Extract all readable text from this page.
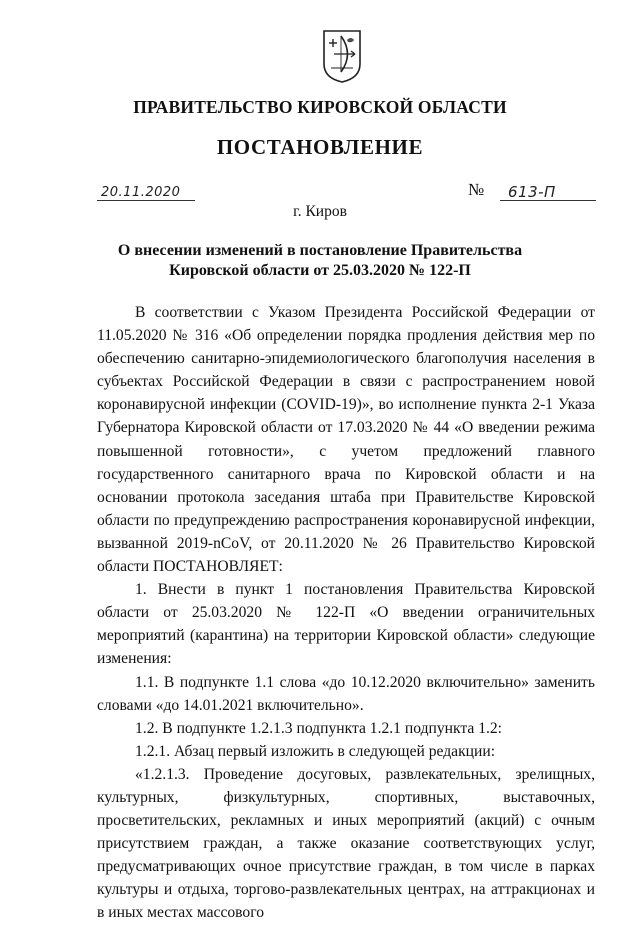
ПРАВИТЕЛЬСТВО КИРОВСКОЙ ОБЛАСТИ
ПОСТАНОВЛЕНИЕ
20.11.2020	№ 613-П
г. Киров
О внесении изменений в постановление Правительства
Кировской области от 25.03.2020 № 122-П

В соответствии с Указом Президента Российской Федерации от 11.05.2020 № 316 «Об определении порядка продления действия мер по обеспечению санитарно-эпидемиологического благополучия населения в субъектах Российской Федерации в связи с распространением новой коронавирусной инфекции (COVID-19)», во исполнение пункта 2-1 Указа Губернатора Кировской области от 17.03.2020 № 44 «О введении режима повышенной готовности», с учетом предложений главного государственного санитарного врача по Кировской области и на основании протокола заседания штаба при Правительстве Кировской области по предупреждению распространения коронавирусной инфекции, вызванной 2019-nCoV, от 20.11.2020 № 26 Правительство Кировской области ПОСТАНОВЛЯЕТ:

1. Внести в пункт 1 постановления Правительства Кировской области от 25.03.2020 № 122-П «О введении ограничительных мероприятий (карантина) на территории Кировской области» следующие изменения:

1.1. В подпункте 1.1 слова «до 10.12.2020 включительно» заменить словами «до 14.01.2021 включительно».

1.2. В подпункте 1.2.1.3 подпункта 1.2.1 подпункта 1.2:

1.2.1. Абзац первый изложить в следующей редакции:

«1.2.1.3. Проведение досуговых, развлекательных, зрелищных, культурных, физкультурных, спортивных, выставочных, просветительских, рекламных и иных мероприятий (акций) с очным присутствием граждан, а также оказание соответствующих услуг, предусматривающих очное присутствие граждан, в том числе в парках культуры и отдыха, торгово-развлекательных центрах, на аттракционах и в иных местах массового
